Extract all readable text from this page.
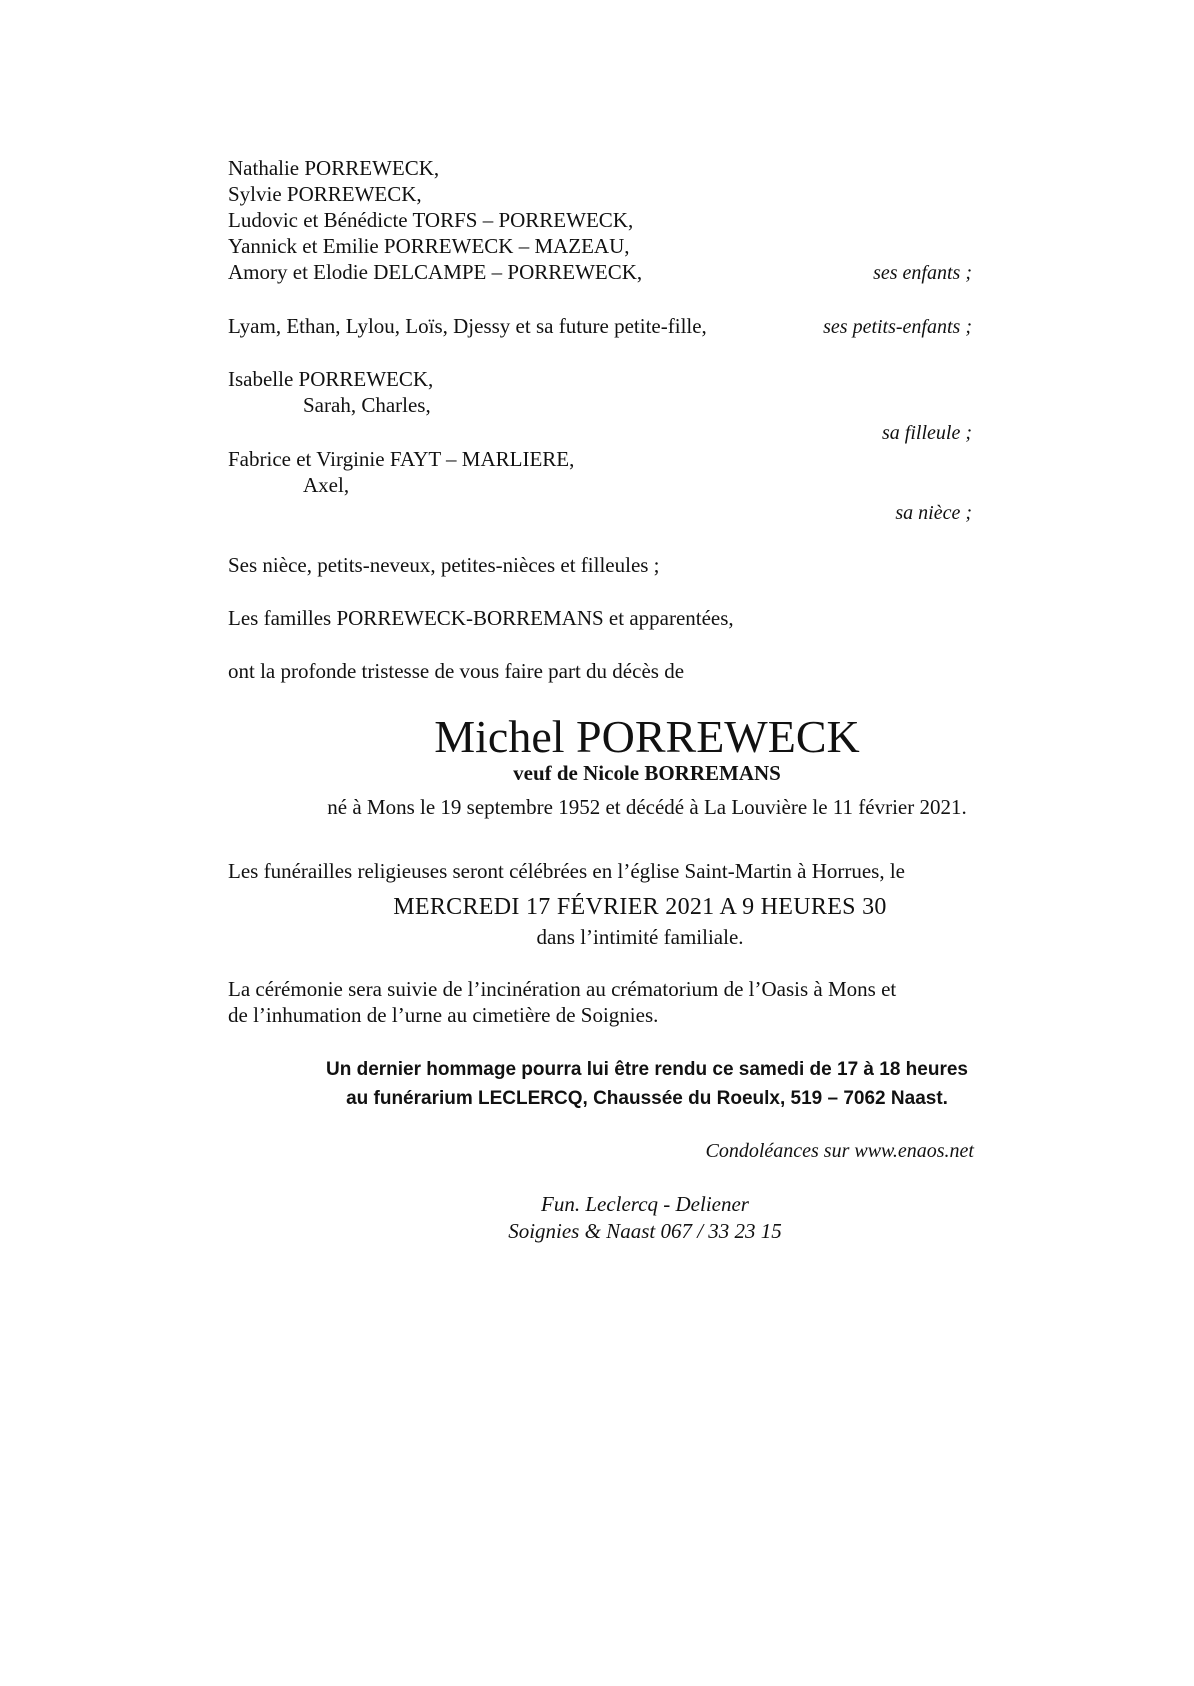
Nathalie PORREWECK,
Sylvie PORREWECK,
Ludovic et Bénédicte TORFS – PORREWECK,
Yannick et Emilie PORREWECK – MAZEAU,
Amory et Elodie DELCAMPE – PORREWECK,	ses enfants ;
Lyam, Ethan, Lylou, Loïs, Djessy et sa future petite-fille,	ses petits-enfants ;
Isabelle PORREWECK,
Sarah, Charles,
sa filleule ;
Fabrice et Virginie FAYT – MARLIERE,
Axel,
sa nièce ;
Ses nièce, petits-neveux, petites-nièces et filleules ;
Les familles PORREWECK-BORREMANS et apparentées,
ont la profonde tristesse de vous faire part du décès de
Michel PORREWECK
veuf de Nicole BORREMANS
né à Mons le 19 septembre 1952 et décédé à La Louvière le 11 février 2021.
Les funérailles religieuses seront célébrées en l’église Saint-Martin à Horrues, le
MERCREDI 17 FÉVRIER 2021 A 9 HEURES 30
dans l’intimité familiale.
La cérémonie sera suivie de l’incinération au crématorium de l’Oasis à Mons et
de l’inhumation de l’urne au cimetière de Soignies.
Un dernier hommage pourra lui être rendu ce samedi de 17 à 18 heures
au funérarium LECLERCQ, Chaussée du Roeulx, 519 – 7062 Naast.
Condoléances sur www.enaos.net
Fun. Leclercq - Deliener
Soignies & Naast 067 / 33 23 15
